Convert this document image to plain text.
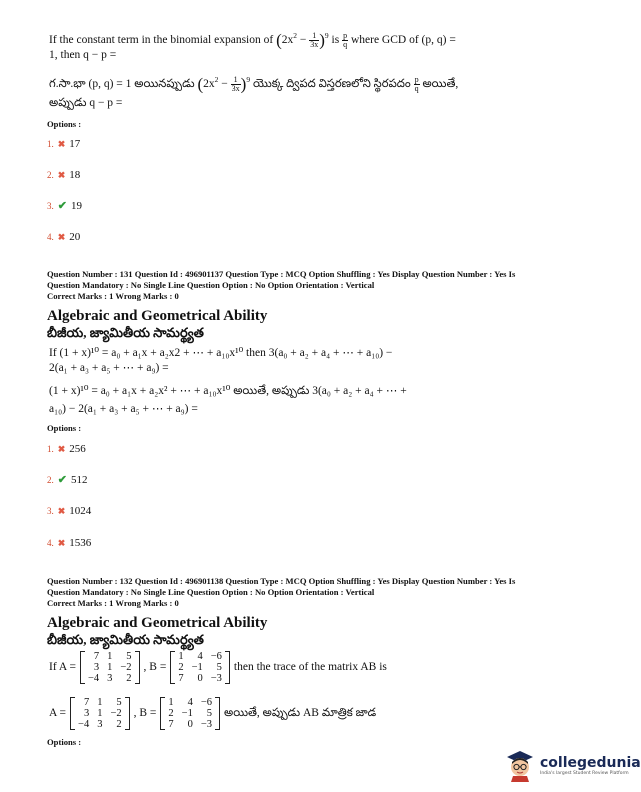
If the constant term in the binomial expansion of $(2x^2 - \frac{1}{3x} )^9$ is $\frac{p}{q}$ where GCD of (p, q) =
1, then q − p =
గ.సా.భా (p, q) = 1 అయినప్పుడు $(2x^2 - \frac{1}{3x} )^9$ యొక్క ద్విపద విస్తరణలోని స్థిరపదం $\frac{p}{q}$ అయితే,
అప్పుడు q − p =
Options :
1. ✖ 17
2. ✖ 18
3. ✔ 19
4. ✖ 20
Question Number : 131 Question Id : 496901137 Question Type : MCQ Option Shuffling : Yes Display Question Number : Yes Is
Question Mandatory : No Single Line Question Option : No Option Orientation : Vertical
Correct Marks : 1 Wrong Marks : 0
Algebraic and Geometrical Ability
బీజీయ, జ్యామితీయ సామర్థ్యత
If (1 + x)¹⁰ = a₀ + a₁x + a₂x2 + ⋯ + a₁₀x¹⁰ then 3(a₀ + a₂ + a₄ + ⋯ + a₁₀) −
2(a₁ + a₃ + a₅ + ⋯ + a₉) =
(1 + x)¹⁰ = a₀ + a₁x + a₂x² + ⋯ + a₁₀x¹⁰ అయితే, అప్పుడు 3(a₀ + a₂ + a₄ + ⋯ +
a₁₀) − 2(a₁ + a₃ + a₅ + ⋯ + a₉) =
Options :
1. ✖ 256
2. ✔ 512
3. ✖ 1024
4. ✖ 1536
Question Number : 132 Question Id : 496901138 Question Type : MCQ Option Shuffling : Yes Display Question Number : Yes Is
Question Mandatory : No Single Line Question Option : No Option Orientation : Vertical
Correct Marks : 1 Wrong Marks : 0
Algebraic and Geometrical Ability
బీజీయ, జ్యామితీయ సామర్థ్యత
If A =
7	1	5
3	1	−2
−4	3	2
, B =
1	4	−6
2	−1	5
7	0	−3
then the trace of the matrix AB is
A =
7	1	5
3	1	−2
−4	3	2
, B =
1	4	−6
2	−1	5
7	0	−3
అయితే, అప్పుడు AB మాత్రిక జాడ
Options :
collegedunia
India's largest Student Review Platform
